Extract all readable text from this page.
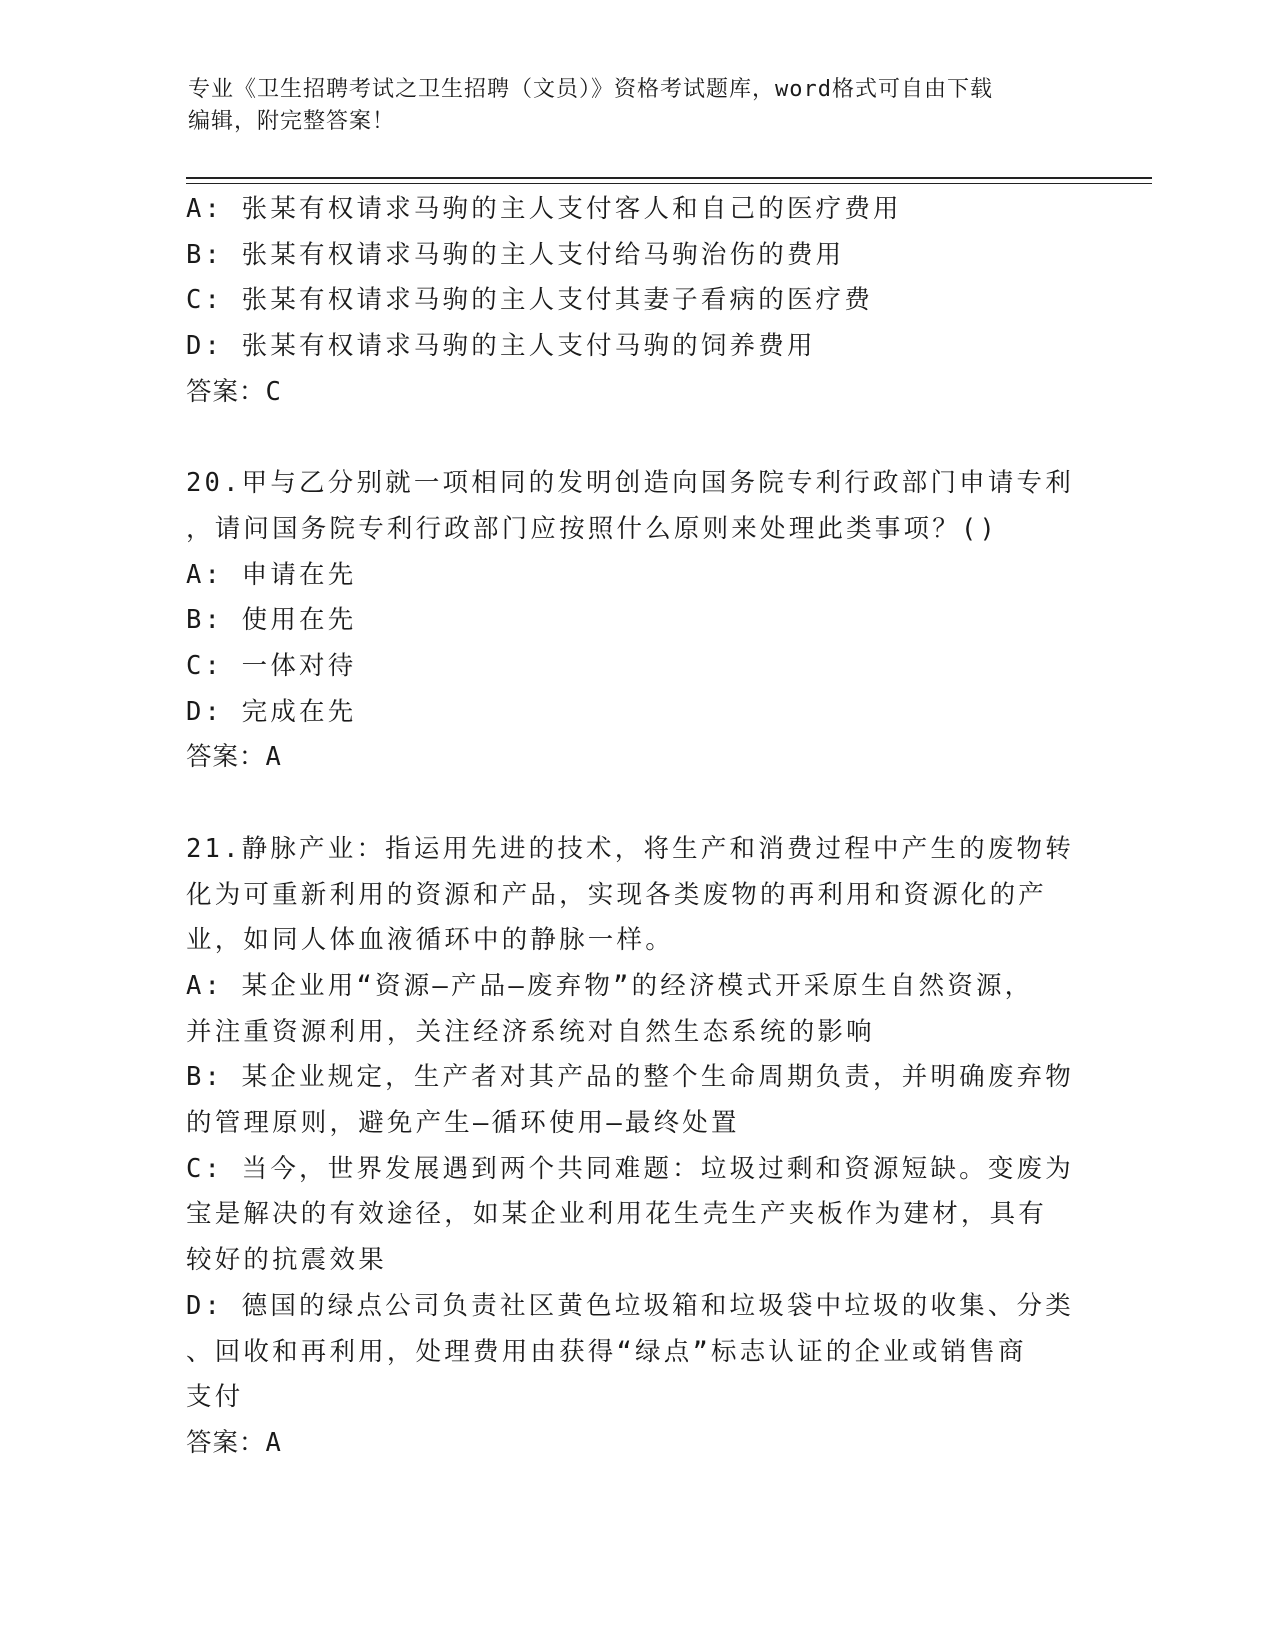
专业《卫生招聘考试之卫生招聘（文员）》资格考试题库，word格式可自由下载
编辑，附完整答案！

A: 张某有权请求马驹的主人支付客人和自己的医疗费用

B: 张某有权请求马驹的主人支付给马驹治伤的费用

C: 张某有权请求马驹的主人支付其妻子看病的医疗费

D: 张某有权请求马驹的主人支付马驹的饲养费用

答案：C

20.甲与乙分别就一项相同的发明创造向国务院专利行政部门申请专利

，请问国务院专利行政部门应按照什么原则来处理此类事项？()

A: 申请在先

B: 使用在先

C: 一体对待

D: 完成在先

答案：A

21.静脉产业：指运用先进的技术，将生产和消费过程中产生的废物转

化为可重新利用的资源和产品，实现各类废物的再利用和资源化的产

业，如同人体血液循环中的静脉一样。

A: 某企业用“资源—产品—废弃物”的经济模式开采原生自然资源，

并注重资源利用，关注经济系统对自然生态系统的影响

B: 某企业规定，生产者对其产品的整个生命周期负责，并明确废弃物

的管理原则，避免产生—循环使用—最终处置

C: 当今，世界发展遇到两个共同难题：垃圾过剩和资源短缺。变废为

宝是解决的有效途径，如某企业利用花生壳生产夹板作为建材，具有

较好的抗震效果

D: 德国的绿点公司负责社区黄色垃圾箱和垃圾袋中垃圾的收集、分类

、回收和再利用，处理费用由获得“绿点”标志认证的企业或销售商

支付

答案：A
